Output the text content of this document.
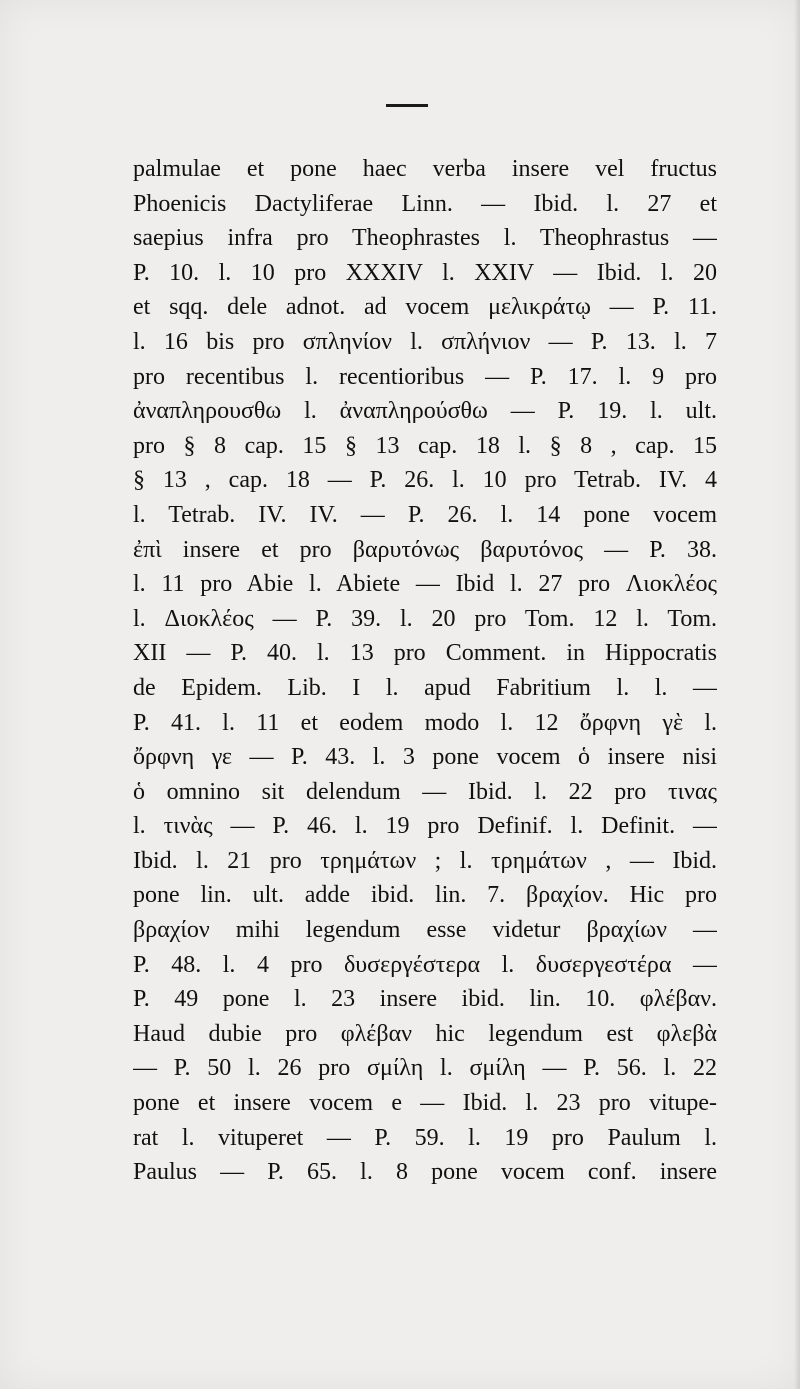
palmulae et pone haec verba insere vel fructus
Phoenicis Dactyliferae Linn. — Ibid. l. 27 et
saepius infra pro Theophrastes l. Theophrastus —
P. 10. l. 10 pro XXXIV l. XXIV — Ibid. l. 20
et sqq. dele adnot. ad vocem μελικράτῳ — P. 11.
l. 16 bis pro σπληνίον l. σπλήνιον — P. 13. l. 7
pro recentibus l. recentioribus — P. 17. l. 9 pro
ἀναπληρουσθω l. ἀναπληρούσθω — P. 19. l. ult.
pro § 8 cap. 15 § 13 cap. 18 l. § 8 , cap. 15
§ 13 , cap. 18 — P. 26. l. 10 pro Tetrab. IV. 4
l. Tetrab. IV. IV. — P. 26. l. 14 pone vocem
ἐπὶ insere et pro βαρυτόνως βαρυτόνος — P. 38.
l. 11 pro Abie l. Abiete — Ibid l. 27 pro Λιοκλέος
l. Διοκλέος — P. 39. l. 20 pro Tom. 12 l. Tom.
XII — P. 40. l. 13 pro Comment. in Hippocratis
de Epidem. Lib. I l. apud Fabritium l. l. —
P. 41. l. 11 et eodem modo l. 12 ὄρφνη γὲ l.
ὄρφνη γε — P. 43. l. 3 pone vocem ὁ insere nisi
ὁ omnino sit delendum — Ibid. l. 22 pro τινας
l. τινὰς — P. 46. l. 19 pro Definif. l. Definit. —
Ibid. l. 21 pro τρημάτων ; l. τρημάτων , — Ibid.
pone lin. ult. adde ibid. lin. 7. βραχίον. Hic pro
βραχίον mihi legendum esse videtur βραχίων —
P. 48. l. 4 pro δυσεργέστερα l. δυσεργεστέρα —
P. 49 pone l. 23 insere ibid. lin. 10. φλέβαν.
Haud dubie pro φλέβαν hic legendum est φλεβὰ
— P. 50 l. 26 pro σμίλη l. σμίλη — P. 56. l. 22
pone et insere vocem e — Ibid. l. 23 pro vitupe-
rat l. vituperet — P. 59. l. 19 pro Paulum l.
Paulus — P. 65. l. 8 pone vocem conf. insere
